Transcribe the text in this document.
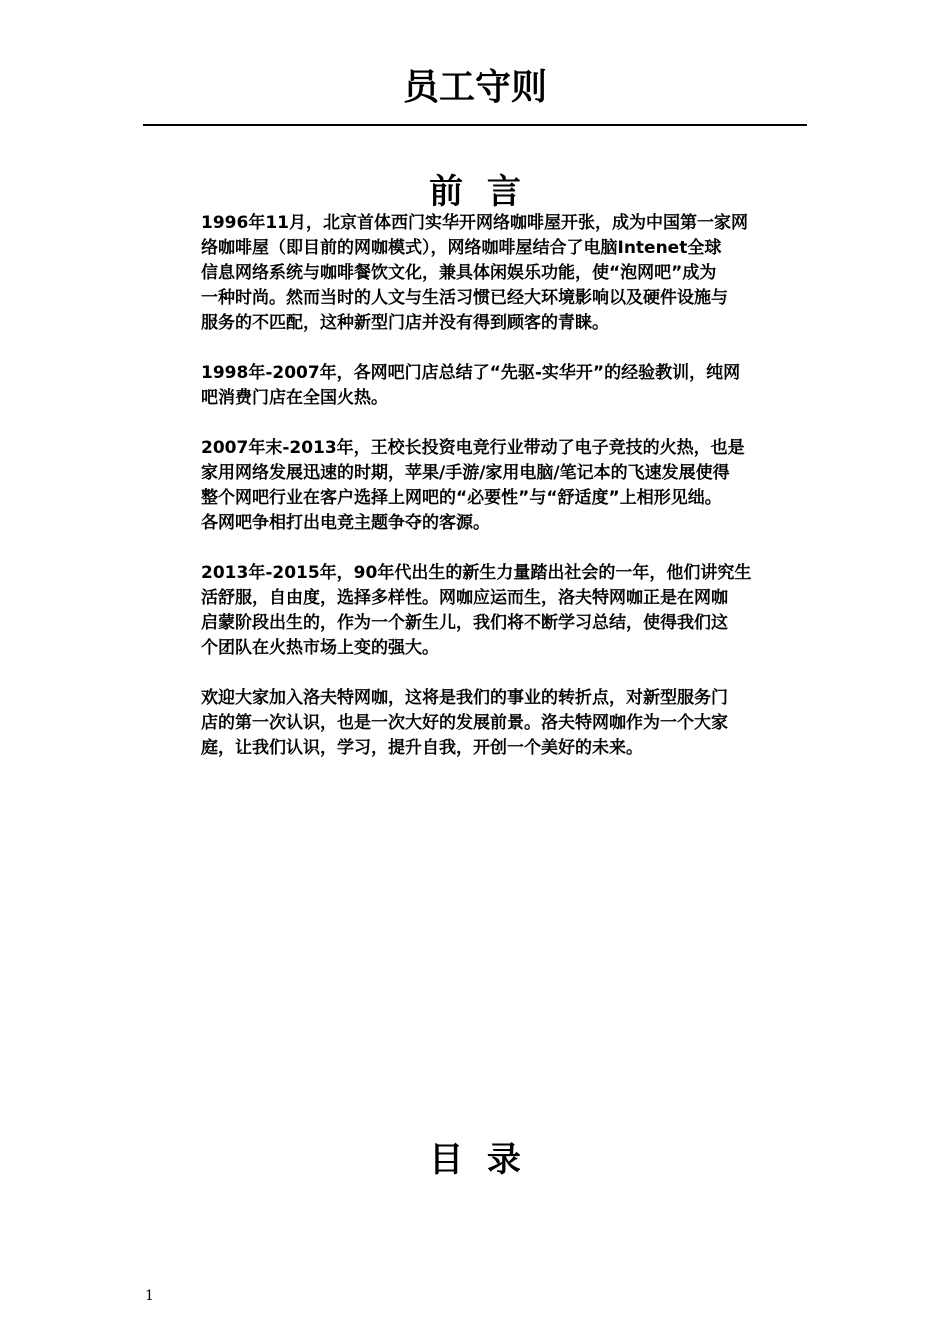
员工守则
前  言

1996年11月，北京首体西门实华开网络咖啡屋开张，成为中国第一家网
络咖啡屋（即目前的网咖模式），网络咖啡屋结合了电脑Intenet全球
信息网络系统与咖啡餐饮文化，兼具体闲娱乐功能，使“泡网吧”成为
一种时尚。然而当时的人文与生活习惯已经大环境影响以及硬件设施与
服务的不匹配，这种新型门店并没有得到顾客的青睐。

1998年-2007年，各网吧门店总结了“先驱-实华开”的经验教训，纯网
吧消费门店在全国火热。

2007年末-2013年，王校长投资电竞行业带动了电子竞技的火热，也是
家用网络发展迅速的时期，苹果/手游/家用电脑/笔记本的飞速发展使得
整个网吧行业在客户选择上网吧的“必要性”与“舒适度”上相形见绌。
各网吧争相打出电竞主题争夺的客源。

2013年-2015年，90年代出生的新生力量踏出社会的一年，他们讲究生
活舒服，自由度，选择多样性。网咖应运而生，洛夫特网咖正是在网咖
启蒙阶段出生的，作为一个新生儿，我们将不断学习总结，使得我们这
个团队在火热市场上变的强大。

欢迎大家加入洛夫特网咖，这将是我们的事业的转折点，对新型服务门
店的第一次认识，也是一次大好的发展前景。洛夫特网咖作为一个大家
庭，让我们认识，学习，提升自我，开创一个美好的未来。

目  录
1
